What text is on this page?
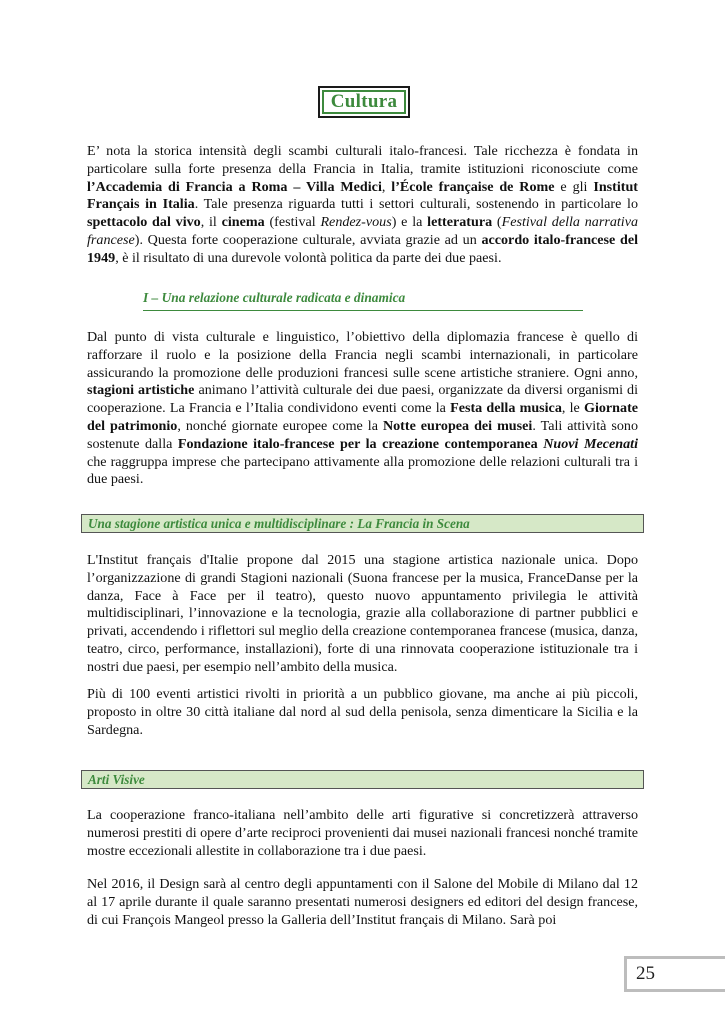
Cultura

E’ nota la storica intensità degli scambi culturali italo-francesi. Tale ricchezza è fondata in particolare sulla forte presenza della Francia in Italia, tramite istituzioni riconosciute come l’Accademia di Francia a Roma – Villa Medici, l’École française de Rome e gli Institut Français in Italia. Tale presenza riguarda tutti i settori culturali, sostenendo in particolare lo spettacolo dal vivo, il cinema (festival Rendez-vous) e la letteratura (Festival della narrativa francese). Questa forte cooperazione culturale, avviata grazie ad un accordo italo-francese del 1949, è il risultato di una durevole volontà politica da parte dei due paesi.

I – Una relazione culturale radicata e dinamica

Dal punto di vista culturale e linguistico, l’obiettivo della diplomazia francese è quello di rafforzare il ruolo e la posizione della Francia negli scambi internazionali, in particolare assicurando la promozione delle produzioni francesi sulle scene artistiche straniere. Ogni anno, stagioni artistiche animano l’attività culturale dei due paesi, organizzate da diversi organismi di cooperazione. La Francia e l’Italia condividono eventi come la Festa della musica, le Giornate del patrimonio, nonché giornate europee come la Notte europea dei musei. Tali attività sono sostenute dalla Fondazione italo-francese per la creazione contemporanea Nuovi Mecenati che raggruppa imprese che partecipano attivamente alla promozione delle relazioni culturali tra i due paesi.

Una stagione artistica unica e multidisciplinare : La Francia in Scena

L'Institut français d'Italie propone dal 2015 una stagione artistica nazionale unica. Dopo l’organizzazione di grandi Stagioni nazionali (Suona francese per la musica, FranceDanse per la danza, Face à Face per il teatro), questo nuovo appuntamento privilegia le attività multidisciplinari, l’innovazione e la tecnologia, grazie alla collaborazione di partner pubblici e privati, accendendo i riflettori sul meglio della creazione contemporanea francese (musica, danza, teatro, circo, performance, installazioni), forte di una rinnovata cooperazione istituzionale tra i nostri due paesi, per esempio nell’ambito della musica.

Più di 100 eventi artistici rivolti in priorità a un pubblico giovane, ma anche ai più piccoli, proposto in oltre 30 città italiane dal nord al sud della penisola, senza dimenticare la Sicilia e la Sardegna.

Arti Visive

La cooperazione franco-italiana nell’ambito delle arti figurative si concretizzerà attraverso numerosi prestiti di opere d’arte reciproci provenienti dai musei nazionali francesi nonché tramite mostre eccezionali allestite in collaborazione tra i due paesi.

Nel 2016, il Design sarà al centro degli appuntamenti con il Salone del Mobile di Milano dal 12 al 17 aprile durante il quale saranno presentati numerosi designers ed editori del design francese, di cui François Mangeol presso la Galleria dell’Institut français di Milano. Sarà poi

25
